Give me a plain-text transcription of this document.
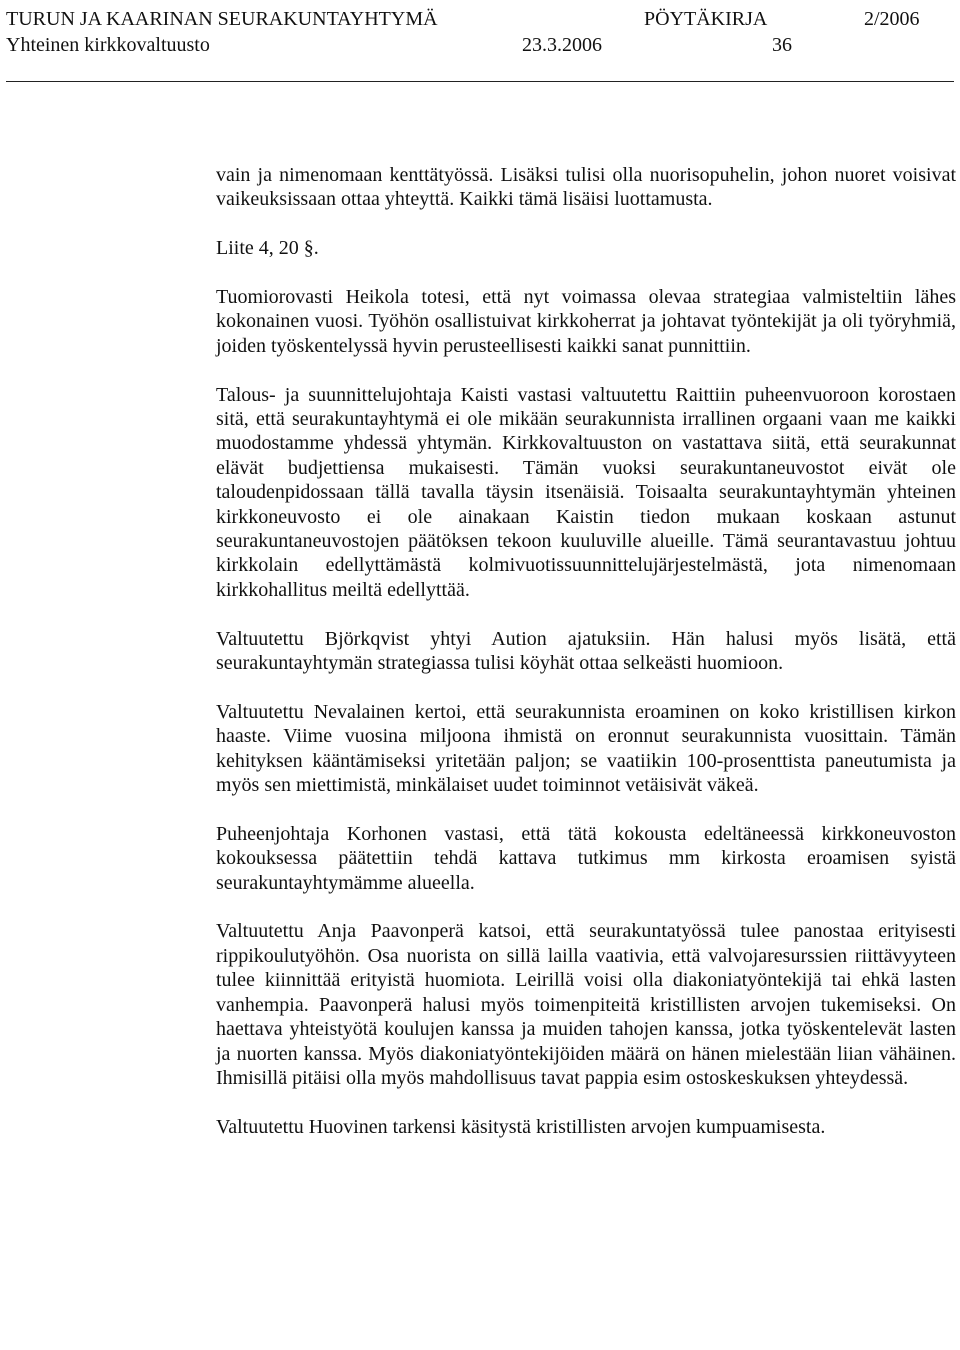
TURUN JA KAARINAN SEURAKUNTAYHTYMÄ	PÖYTÄKIRJA	2/2006
Yhteinen kirkkovaltuusto	23.3.2006	36

vain ja nimenomaan kenttätyössä. Lisäksi tulisi olla nuorisopuhelin, johon nuoret voisivat vaikeuksissaan ottaa yhteyttä. Kaikki tämä lisäisi luottamusta.

Liite 4, 20 §.

Tuomiorovasti Heikola totesi, että nyt voimassa olevaa strategiaa valmisteltiin lähes kokonainen vuosi. Työhön osallistuivat kirkkoherrat ja johtavat työntekijät ja oli työryhmiä, joiden työskentelyssä hyvin perusteellisesti kaikki sanat punnittiin.

Talous- ja suunnittelujohtaja Kaisti vastasi valtuutettu Raittiin puheenvuoroon korostaen sitä, että seurakuntayhtymä ei ole mikään seurakunnista irrallinen orgaani vaan me kaikki muodostamme yhdessä yhtymän. Kirkkovaltuuston on vastattava siitä, että seurakunnat elävät budjettiensa mukaisesti. Tämän vuoksi seurakuntaneuvostot eivät ole taloudenpidossaan tällä tavalla täysin itsenäisiä. Toisaalta seurakuntayhtymän yhteinen kirkkoneuvosto ei ole ainakaan Kaistin tiedon mukaan koskaan astunut seurakuntaneuvostojen päätöksen tekoon kuuluville alueille. Tämä seurantavastuu johtuu kirkkolain edellyttämästä kolmivuotissuunnittelujärjestelmästä, jota nimenomaan kirkkohallitus meiltä edellyttää.

Valtuutettu Björkqvist yhtyi Aution ajatuksiin. Hän halusi myös lisätä, että seurakuntayhtymän strategiassa tulisi köyhät ottaa selkeästi huomioon.

Valtuutettu Nevalainen kertoi, että seurakunnista eroaminen on koko kristillisen kirkon haaste. Viime vuosina miljoona ihmistä on eronnut seurakunnista vuosittain. Tämän kehityksen kääntämiseksi yritetään paljon; se vaatiikin 100-prosenttista paneutumista ja myös sen miettimistä, minkälaiset uudet toiminnot vetäisivät väkeä.

Puheenjohtaja Korhonen vastasi, että tätä kokousta edeltäneessä kirkkoneuvoston kokouksessa päätettiin tehdä kattava tutkimus mm kirkosta eroamisen syistä seurakuntayhtymämme alueella.

Valtuutettu Anja Paavonperä katsoi, että seurakuntatyössä tulee panostaa erityisesti rippikoulutyöhön. Osa nuorista on sillä lailla vaativia, että valvojaresurssien riittävyyteen tulee kiinnittää erityistä huomiota. Leirillä voisi olla diakoniatyöntekijä tai ehkä lasten vanhempia. Paavonperä halusi myös toimenpiteitä kristillisten arvojen tukemiseksi. On haettava yhteistyötä koulujen kanssa ja muiden tahojen kanssa, jotka työskentelevät lasten ja nuorten kanssa. Myös diakoniatyöntekijöiden määrä on hänen mielestään liian vähäinen. Ihmisillä pitäisi olla myös mahdollisuus tavat pappia esim ostoskeskuksen yhteydessä.

Valtuutettu Huovinen tarkensi käsitystä kristillisten arvojen kumpuamisesta.
